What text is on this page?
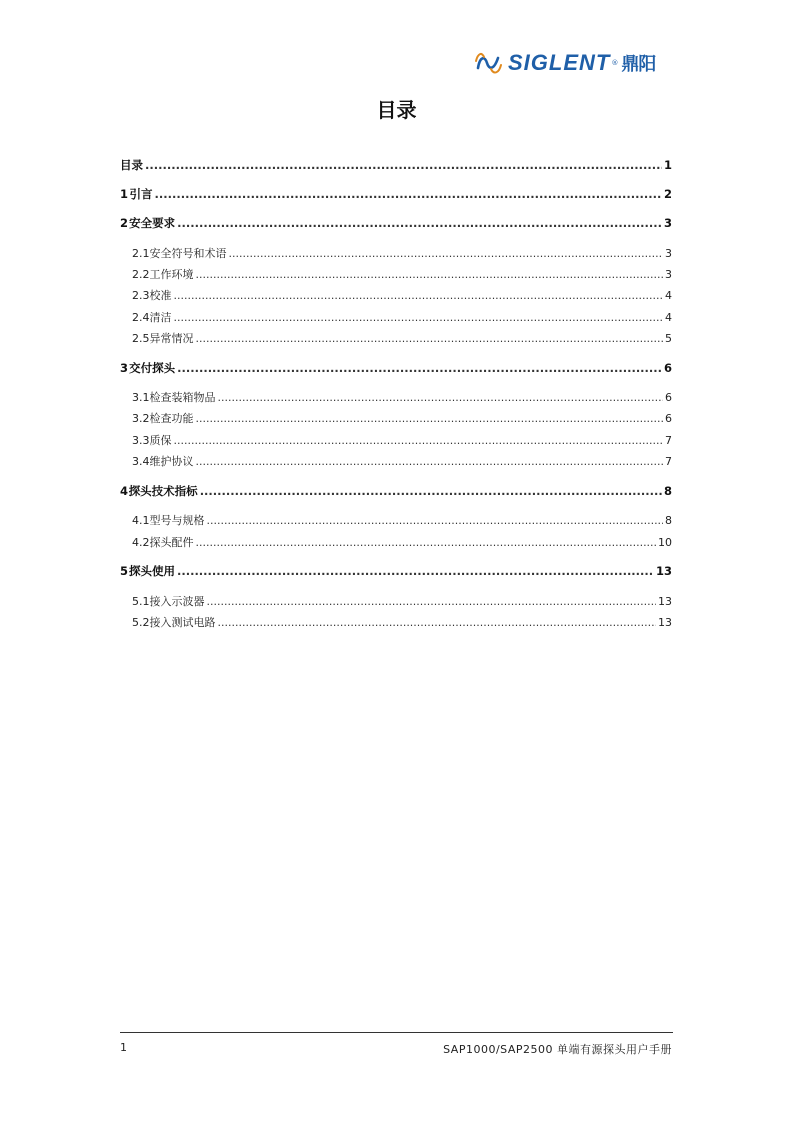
SIGLENT ® 鼎阳
目录
目录 .....	1
1 引言 .....	2
2 安全要求 .....	3
2.1 安全符号和术语 .....	3
2.2 工作环境 .....	3
2.3 校准 .....	4
2.4 清洁 .....	4
2.5 异常情况 .....	5
3 交付探头 .....	6
3.1 检查装箱物品 .....	6
3.2 检查功能 .....	6
3.3 质保 .....	7
3.4 维护协议 .....	7
4 探头技术指标 .....	8
4.1 型号与规格 .....	8
4.2 探头配件 .....	10
5 探头使用 .....	13
5.1 接入示波器 .....	13
5.2 接入测试电路 .....	13
1	SAP1000/SAP2500 单端有源探头用户手册
